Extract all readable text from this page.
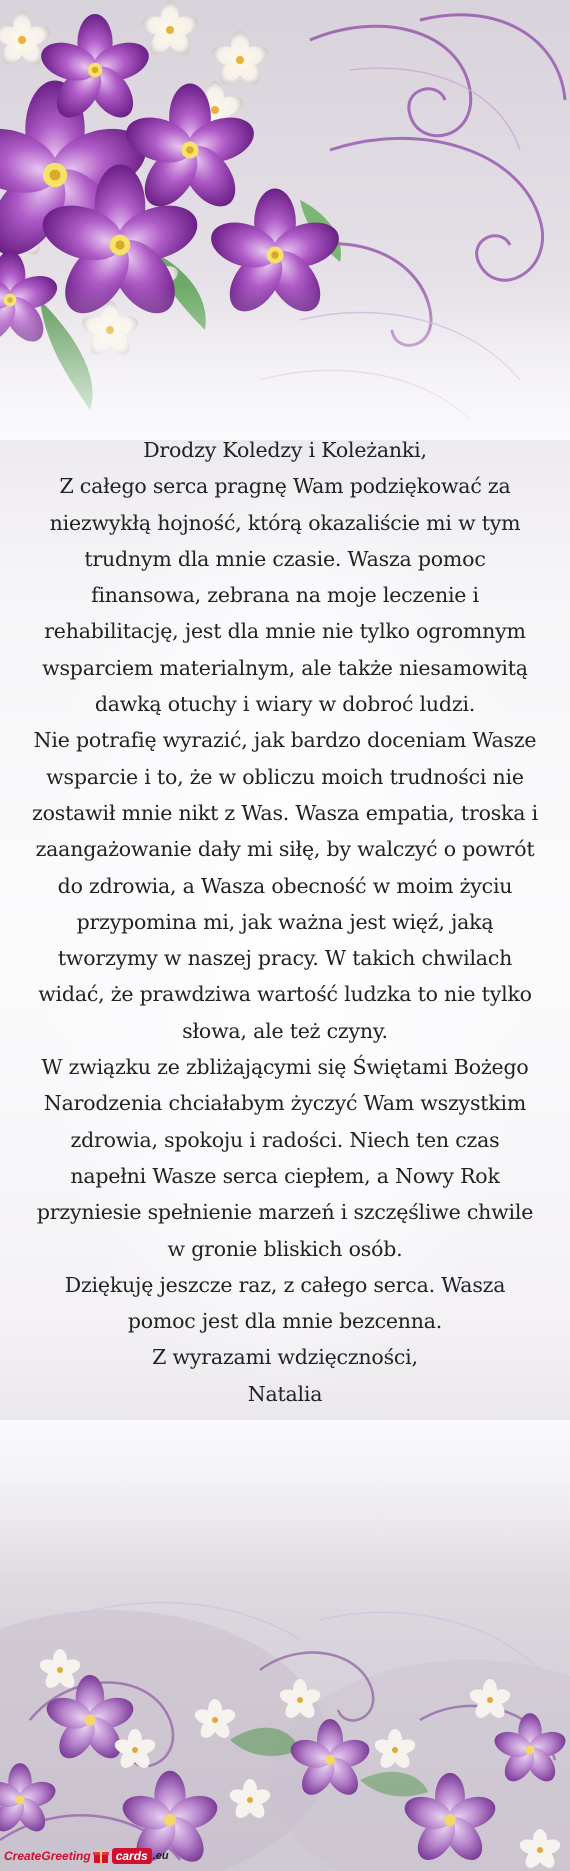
Drodzy Koledzy i Koleżanki,

Z całego serca pragnę Wam podziękować za niezwykłą hojność, którą okazaliście mi w tym trudnym dla mnie czasie. Wasza pomoc finansowa, zebrana na moje leczenie i rehabilitację, jest dla mnie nie tylko ogromnym wsparciem materialnym, ale także niesamowitą dawką otuchy i wiary w dobroć ludzi.

Nie potrafię wyrazić, jak bardzo doceniam Wasze wsparcie i to, że w obliczu moich trudności nie zostawił mnie nikt z Was. Wasza empatia, troska i zaangażowanie dały mi siłę, by walczyć o powrót do zdrowia, a Wasza obecność w moim życiu przypomina mi, jak ważna jest więź, jaką tworzymy w naszej pracy. W takich chwilach widać, że prawdziwa wartość ludzka to nie tylko słowa, ale też czyny.

W związku ze zbliżającymi się Świętami Bożego Narodzenia chciałabym życzyć Wam wszystkim zdrowia, spokoju i radości. Niech ten czas napełni Wasze serca ciepłem, a Nowy Rok przyniesie spełnienie marzeń i szczęśliwe chwile w gronie bliskich osób.

Dziękuję jeszcze raz, z całego serca. Wasza pomoc jest dla mnie bezcenna.

Z wyrazami wdzięczności,

Natalia

CreateGreeting	cards .eu
